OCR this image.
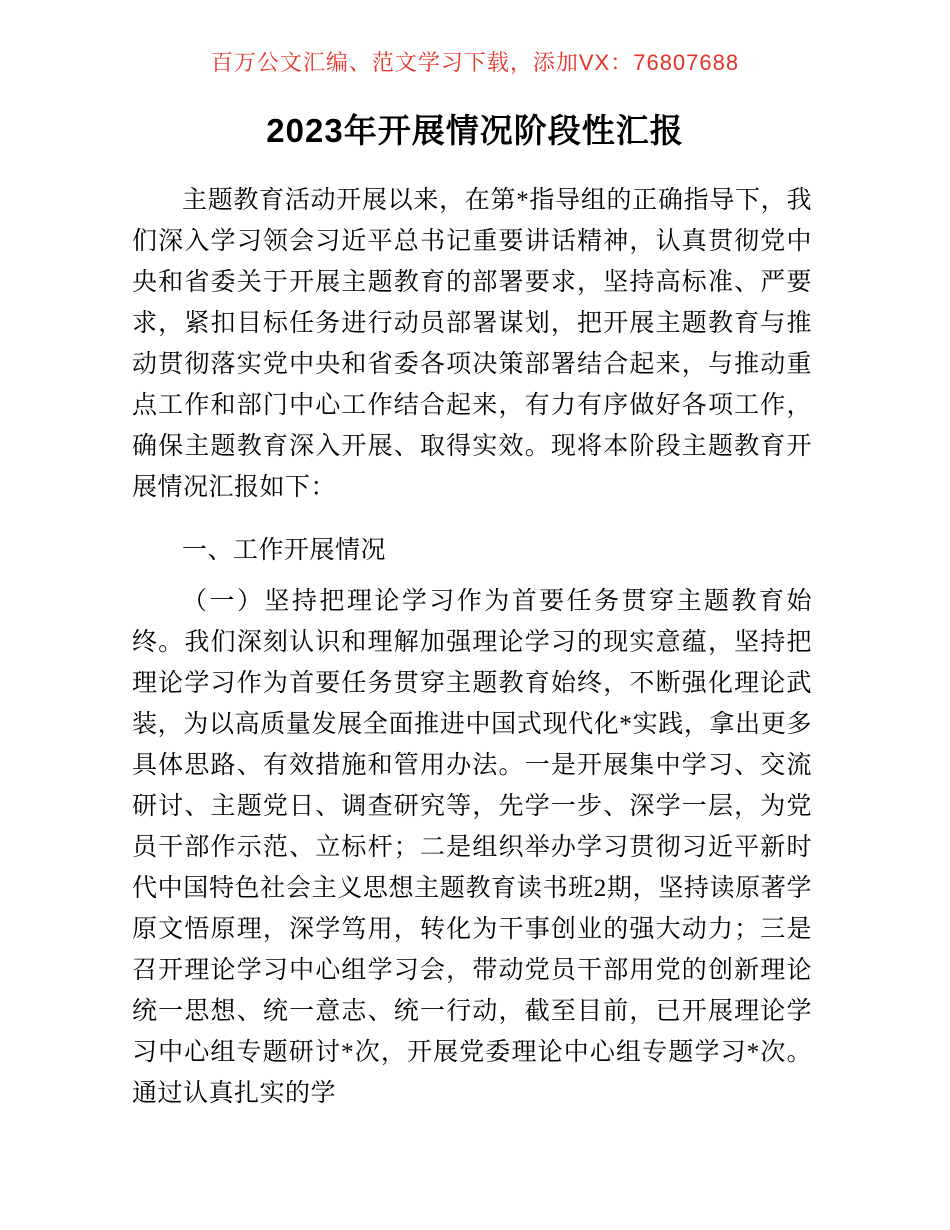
百万公文汇编、范文学习下载，添加VX：76807688
2023年开展情况阶段性汇报

主题教育活动开展以来，在第*指导组的正确指导下，我们深入学习领会习近平总书记重要讲话精神，认真贯彻党中央和省委关于开展主题教育的部署要求，坚持高标准、严要求，紧扣目标任务进行动员部署谋划，把开展主题教育与推动贯彻落实党中央和省委各项决策部署结合起来，与推动重点工作和部门中心工作结合起来，有力有序做好各项工作，确保主题教育深入开展、取得实效。现将本阶段主题教育开展情况汇报如下：

一、工作开展情况

（一）坚持把理论学习作为首要任务贯穿主题教育始终。我们深刻认识和理解加强理论学习的现实意蕴，坚持把理论学习作为首要任务贯穿主题教育始终，不断强化理论武装，为以高质量发展全面推进中国式现代化*实践，拿出更多具体思路、有效措施和管用办法。一是开展集中学习、交流研讨、主题党日、调查研究等，先学一步、深学一层，为党员干部作示范、立标杆；二是组织举办学习贯彻习近平新时代中国特色社会主义思想主题教育读书班2期，坚持读原著学原文悟原理，深学笃用，转化为干事创业的强大动力；三是召开理论学习中心组学习会，带动党员干部用党的创新理论统一思想、统一意志、统一行动，截至目前，已开展理论学习中心组专题研讨*次，开展党委理论中心组专题学习*次。通过认真扎实的学
